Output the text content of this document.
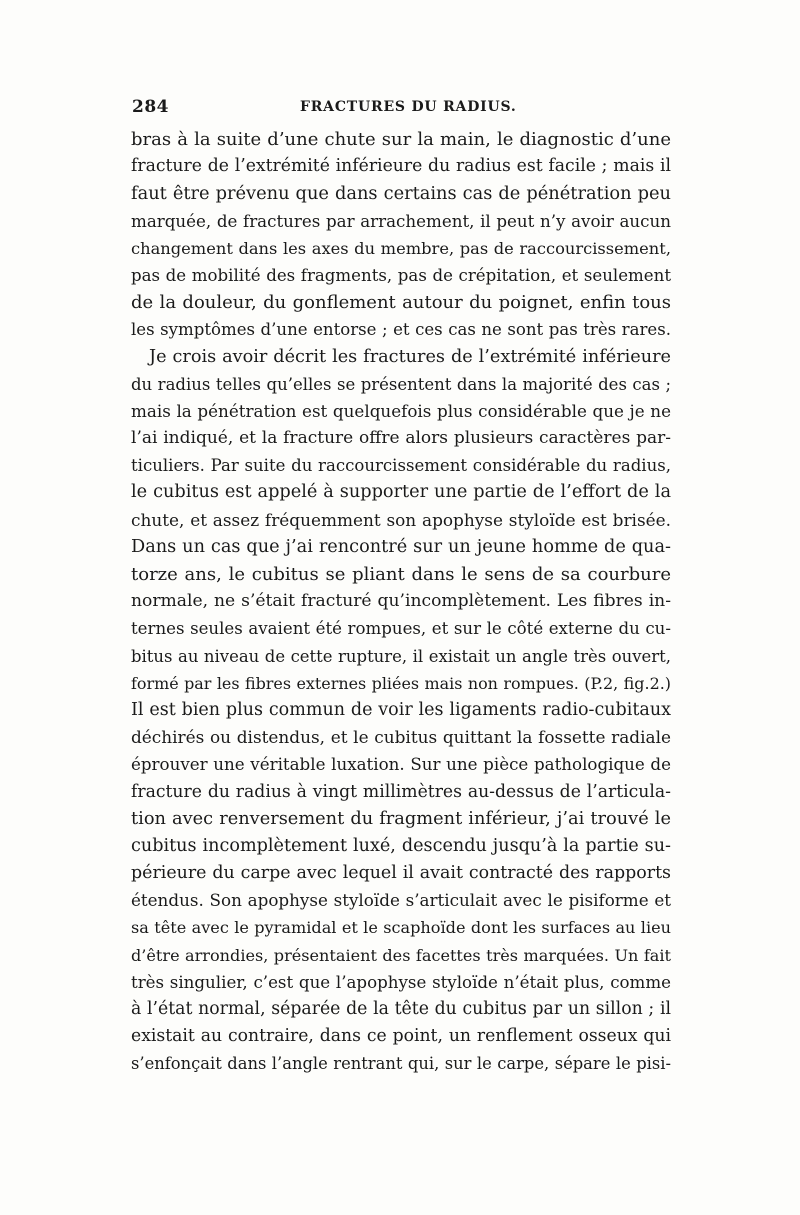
284	FRACTURES DU RADIUS.
bras à la suite d’une chute sur la main, le diagnostic d’une
fracture de l’extrémité inférieure du radius est facile ; mais il
faut être prévenu que dans certains cas de pénétration peu
marquée, de fractures par arrachement, il peut n’y avoir aucun
changement dans les axes du membre, pas de raccourcissement,
pas de mobilité des fragments, pas de crépitation, et seulement
de la douleur, du gonflement autour du poignet, enfin tous
les symptômes d’une entorse ; et ces cas ne sont pas très rares.
Je crois avoir décrit les fractures de l’extrémité inférieure
du radius telles qu’elles se présentent dans la majorité des cas ;
mais la pénétration est quelquefois plus considérable que je ne
l’ai indiqué, et la fracture offre alors plusieurs caractères par-
ticuliers. Par suite du raccourcissement considérable du radius,
le cubitus est appelé à supporter une partie de l’effort de la
chute, et assez fréquemment son apophyse styloïde est brisée.
Dans un cas que j’ai rencontré sur un jeune homme de qua-
torze ans, le cubitus se pliant dans le sens de sa courbure
normale, ne s’était fracturé qu’incomplètement. Les fibres in-
ternes seules avaient été rompues, et sur le côté externe du cu-
bitus au niveau de cette rupture, il existait un angle très ouvert,
formé par les fibres externes pliées mais non rompues. (P.2, fig.2.)
Il est bien plus commun de voir les ligaments radio-cubitaux
déchirés ou distendus, et le cubitus quittant la fossette radiale
éprouver une véritable luxation. Sur une pièce pathologique de
fracture du radius à vingt millimètres au-dessus de l’articula-
tion avec renversement du fragment inférieur, j’ai trouvé le
cubitus incomplètement luxé, descendu jusqu’à la partie su-
périeure du carpe avec lequel il avait contracté des rapports
étendus. Son apophyse styloïde s’articulait avec le pisiforme et
sa tête avec le pyramidal et le scaphoïde dont les surfaces au lieu
d’être arrondies, présentaient des facettes très marquées. Un fait
très singulier, c’est que l’apophyse styloïde n’était plus, comme
à l’état normal, séparée de la tête du cubitus par un sillon ; il
existait au contraire, dans ce point, un renflement osseux qui
s’enfonçait dans l’angle rentrant qui, sur le carpe, sépare le pisi-
